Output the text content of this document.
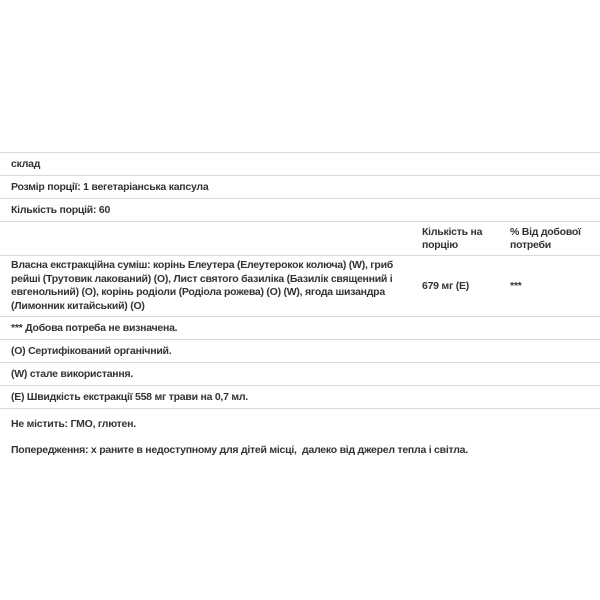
склад
Розмір порції: 1 вегетаріанська капсула
Кількість порцій: 60
Кількість на порцію
% Від добової потреби
Власна екстракційна суміш: корінь Елеутера (Елеутерокок колюча) (W), гриб рейші (Трутовик лакований) (О), Лист святого базиліка (Базилік священний і евгенольний) (О), корінь родіоли (Родіола рожева) (О) (W), ягода шизандра (Лимонник китайський) (О)
679 мг (E)	***
*** Добова потреба не визначена.
(О) Сертифікований органічний.
(W) стале використання.
(E) Швидкість екстракції 558 мг трави на 0,7 мл.
Не містить: ГМО, глютен.
Попередження: х раните в недоступному для дітей місці,  далеко від джерел тепла і світла.
